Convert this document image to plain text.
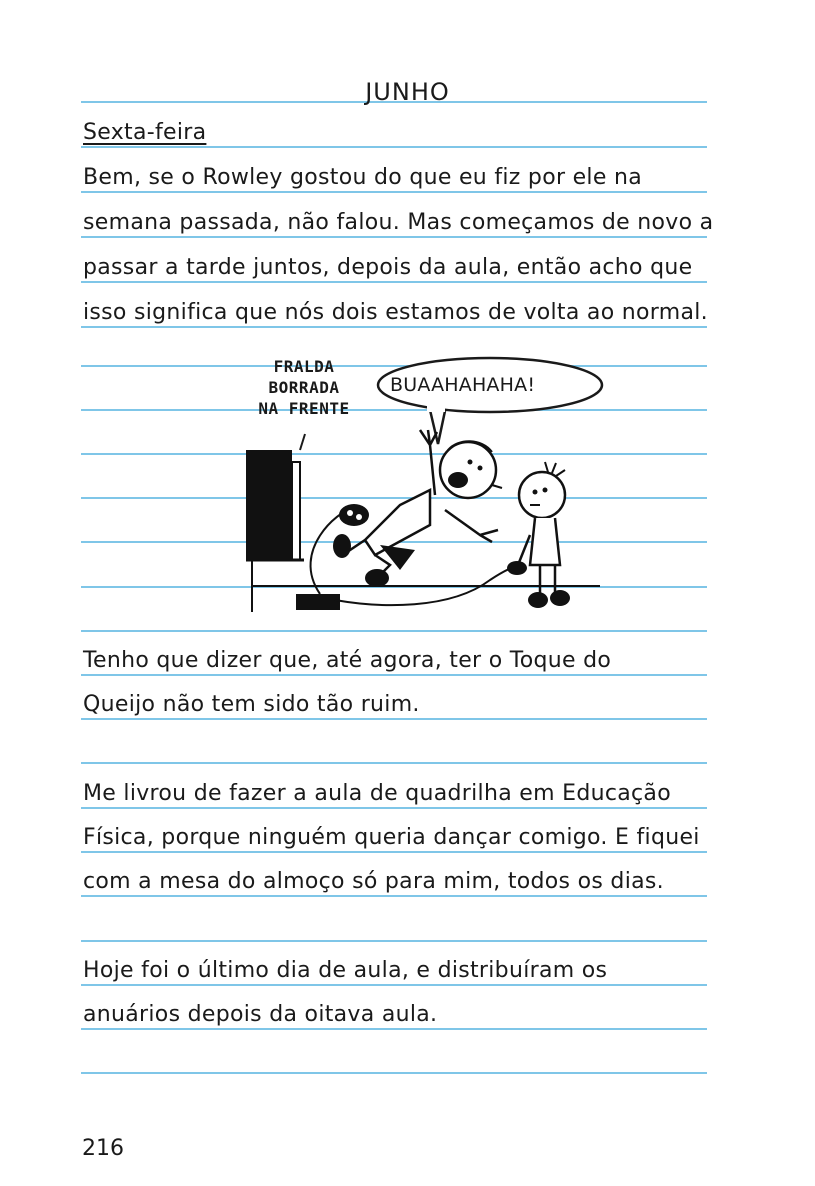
JUNHO
Sexta-feira
Bem, se o Rowley gostou do que eu fiz por ele na
semana passada, não falou. Mas começamos de novo a
passar a tarde juntos, depois da aula, então acho que
isso significa que nós dois estamos de volta ao normal.
FRALDA
BORRADA
NA FRENTE
BUAAHAHAHA!
Tenho que dizer que, até agora, ter o Toque do
Queijo não tem sido tão ruim.
Me livrou de fazer a aula de quadrilha em Educação
Física, porque ninguém queria dançar comigo. E fiquei
com a mesa do almoço só para mim, todos os dias.
Hoje foi o último dia de aula, e distribuíram os
anuários depois da oitava aula.
216
